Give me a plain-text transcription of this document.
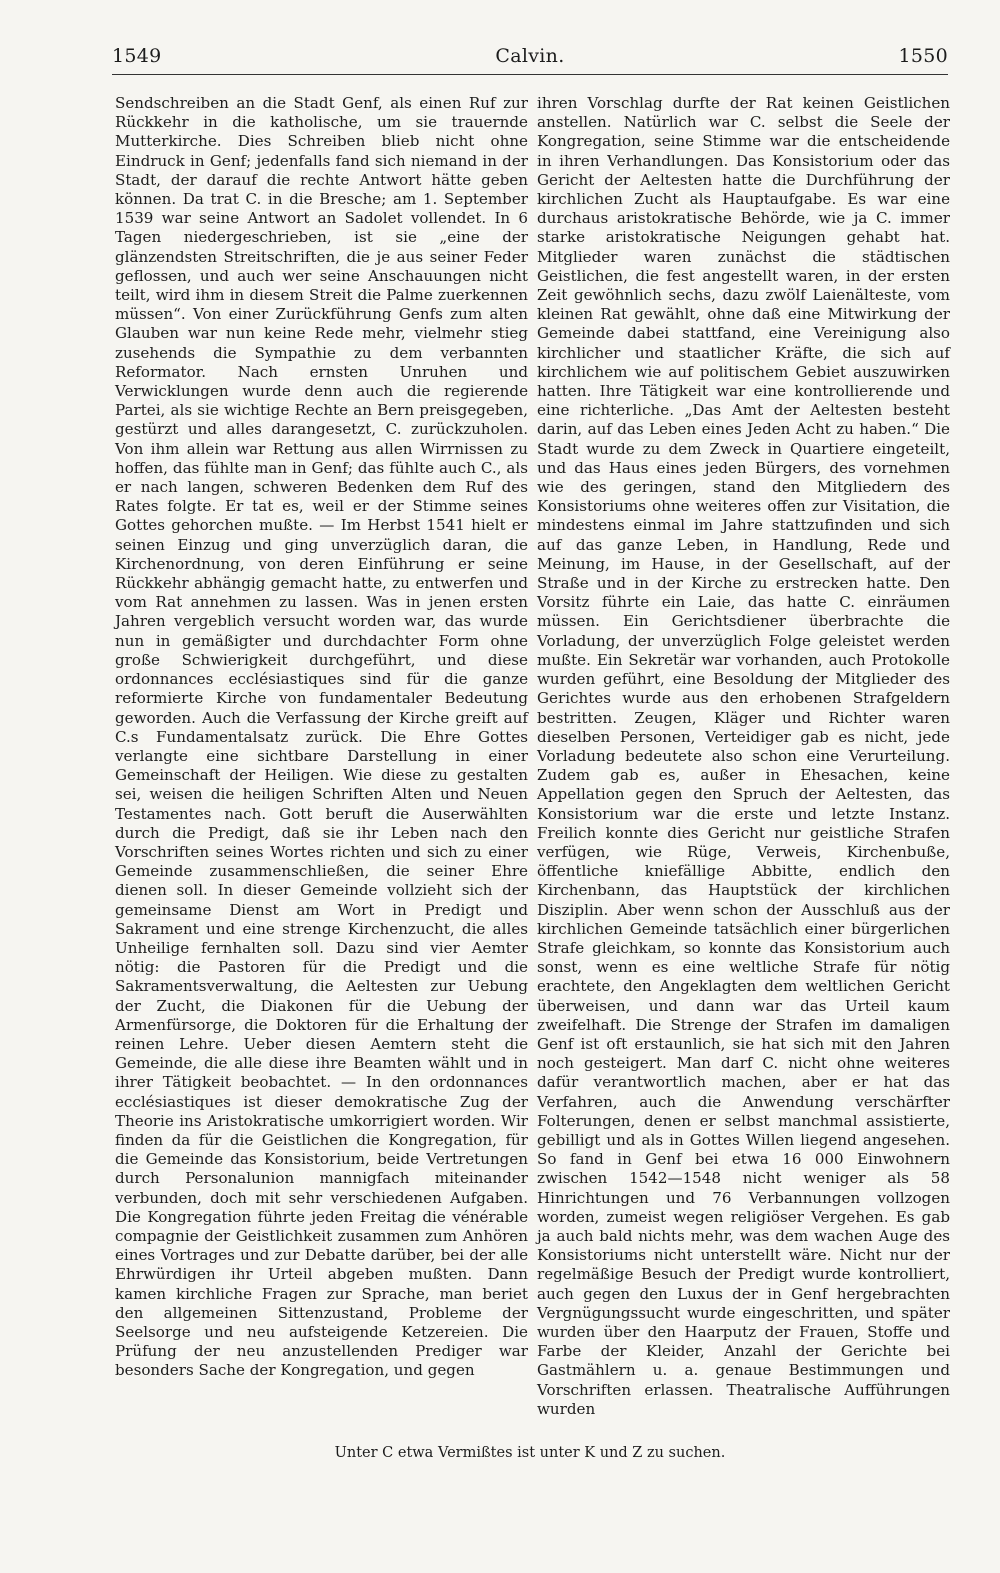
1549	Calvin.	1550

Sendschreiben an die Stadt Genf, als einen Ruf zur Rückkehr in die katholische, um sie trauernde Mutterkirche. Dies Schreiben blieb nicht ohne Eindruck in Genf; jedenfalls fand sich niemand in der Stadt, der darauf die rechte Antwort hätte geben können. Da trat C. in die Bresche; am 1. September 1539 war seine Antwort an Sadolet vollendet. In 6 Tagen niedergeschrieben, ist sie „eine der glänzendsten Streitschriften, die je aus seiner Feder geflossen, und auch wer seine Anschauungen nicht teilt, wird ihm in diesem Streit die Palme zuerkennen müssen“. Von einer Zurückführung Genfs zum alten Glauben war nun keine Rede mehr, vielmehr stieg zusehends die Sympathie zu dem verbannten Reformator. Nach ernsten Unruhen und Verwicklungen wurde denn auch die regierende Partei, als sie wichtige Rechte an Bern preisgegeben, gestürzt und alles darangesetzt, C. zurückzuholen. Von ihm allein war Rettung aus allen Wirrnissen zu hoffen, das fühlte man in Genf; das fühlte auch C., als er nach langen, schweren Bedenken dem Ruf des Rates folgte. Er tat es, weil er der Stimme seines Gottes gehorchen mußte. — Im Herbst 1541 hielt er seinen Einzug und ging unverzüglich daran, die Kirchenordnung, von deren Einführung er seine Rückkehr abhängig gemacht hatte, zu entwerfen und vom Rat annehmen zu lassen. Was in jenen ersten Jahren vergeblich versucht worden war, das wurde nun in gemäßigter und durchdachter Form ohne große Schwierigkeit durchgeführt, und diese ordonnances ecclésiastiques sind für die ganze reformierte Kirche von fundamentaler Bedeutung geworden. Auch die Verfassung der Kirche greift auf C.s Fundamentalsatz zurück. Die Ehre Gottes verlangte eine sichtbare Darstellung in einer Gemeinschaft der Heiligen. Wie diese zu gestalten sei, weisen die heiligen Schriften Alten und Neuen Testamentes nach. Gott beruft die Auserwählten durch die Predigt, daß sie ihr Leben nach den Vorschriften seines Wortes richten und sich zu einer Gemeinde zusammenschließen, die seiner Ehre dienen soll. In dieser Gemeinde vollzieht sich der gemeinsame Dienst am Wort in Predigt und Sakrament und eine strenge Kirchenzucht, die alles Unheilige fernhalten soll. Dazu sind vier Aemter nötig: die Pastoren für die Predigt und die Sakramentsverwaltung, die Aeltesten zur Uebung der Zucht, die Diakonen für die Uebung der Armenfürsorge, die Doktoren für die Erhaltung der reinen Lehre. Ueber diesen Aemtern steht die Gemeinde, die alle diese ihre Beamten wählt und in ihrer Tätigkeit beobachtet. — In den ordonnances ecclésiastiques ist dieser demokratische Zug der Theorie ins Aristokratische umkorrigiert worden. Wir finden da für die Geistlichen die Kongregation, für die Gemeinde das Konsistorium, beide Vertretungen durch Personalunion mannigfach miteinander verbunden, doch mit sehr verschiedenen Aufgaben. Die Kongregation führte jeden Freitag die vénérable compagnie der Geistlichkeit zusammen zum Anhören eines Vortrages und zur Debatte darüber, bei der alle Ehrwürdigen ihr Urteil abgeben mußten. Dann kamen kirchliche Fragen zur Sprache, man beriet den allgemeinen Sittenzustand, Probleme der Seelsorge und neu aufsteigende Ketzereien. Die Prüfung der neu anzustellenden Prediger war besonders Sache der Kongregation, und gegen

ihren Vorschlag durfte der Rat keinen Geistlichen anstellen. Natürlich war C. selbst die Seele der Kongregation, seine Stimme war die entscheidende in ihren Verhandlungen. Das Konsistorium oder das Gericht der Aeltesten hatte die Durchführung der kirchlichen Zucht als Hauptaufgabe. Es war eine durchaus aristokratische Behörde, wie ja C. immer starke aristokratische Neigungen gehabt hat. Mitglieder waren zunächst die städtischen Geistlichen, die fest angestellt waren, in der ersten Zeit gewöhnlich sechs, dazu zwölf Laienälteste, vom kleinen Rat gewählt, ohne daß eine Mitwirkung der Gemeinde dabei stattfand, eine Vereinigung also kirchlicher und staatlicher Kräfte, die sich auf kirchlichem wie auf politischem Gebiet auszuwirken hatten. Ihre Tätigkeit war eine kontrollierende und eine richterliche. „Das Amt der Aeltesten besteht darin, auf das Leben eines Jeden Acht zu haben.“ Die Stadt wurde zu dem Zweck in Quartiere eingeteilt, und das Haus eines jeden Bürgers, des vornehmen wie des geringen, stand den Mitgliedern des Konsistoriums ohne weiteres offen zur Visitation, die mindestens einmal im Jahre stattzufinden und sich auf das ganze Leben, in Handlung, Rede und Meinung, im Hause, in der Gesellschaft, auf der Straße und in der Kirche zu erstrecken hatte. Den Vorsitz führte ein Laie, das hatte C. einräumen müssen. Ein Gerichtsdiener überbrachte die Vorladung, der unverzüglich Folge geleistet werden mußte. Ein Sekretär war vorhanden, auch Protokolle wurden geführt, eine Besoldung der Mitglieder des Gerichtes wurde aus den erhobenen Strafgeldern bestritten. Zeugen, Kläger und Richter waren dieselben Personen, Verteidiger gab es nicht, jede Vorladung bedeutete also schon eine Verurteilung. Zudem gab es, außer in Ehesachen, keine Appellation gegen den Spruch der Aeltesten, das Konsistorium war die erste und letzte Instanz. Freilich konnte dies Gericht nur geistliche Strafen verfügen, wie Rüge, Verweis, Kirchenbuße, öffentliche kniefällige Abbitte, endlich den Kirchenbann, das Hauptstück der kirchlichen Disziplin. Aber wenn schon der Ausschluß aus der kirchlichen Gemeinde tatsächlich einer bürgerlichen Strafe gleichkam, so konnte das Konsistorium auch sonst, wenn es eine weltliche Strafe für nötig erachtete, den Angeklagten dem weltlichen Gericht überweisen, und dann war das Urteil kaum zweifelhaft. Die Strenge der Strafen im damaligen Genf ist oft erstaunlich, sie hat sich mit den Jahren noch gesteigert. Man darf C. nicht ohne weiteres dafür verantwortlich machen, aber er hat das Verfahren, auch die Anwendung verschärfter Folterungen, denen er selbst manchmal assistierte, gebilligt und als in Gottes Willen liegend angesehen. So fand in Genf bei etwa 16 000 Einwohnern zwischen 1542—1548 nicht weniger als 58 Hinrichtungen und 76 Verbannungen vollzogen worden, zumeist wegen religiöser Vergehen. Es gab ja auch bald nichts mehr, was dem wachen Auge des Konsistoriums nicht unterstellt wäre. Nicht nur der regelmäßige Besuch der Predigt wurde kontrolliert, auch gegen den Luxus der in Genf hergebrachten Vergnügungssucht wurde eingeschritten, und später wurden über den Haarputz der Frauen, Stoffe und Farbe der Kleider, Anzahl der Gerichte bei Gastmählern u. a. genaue Bestimmungen und Vorschriften erlassen. Theatralische Aufführungen wurden

Unter C etwa Vermißtes ist unter K und Z zu suchen.
